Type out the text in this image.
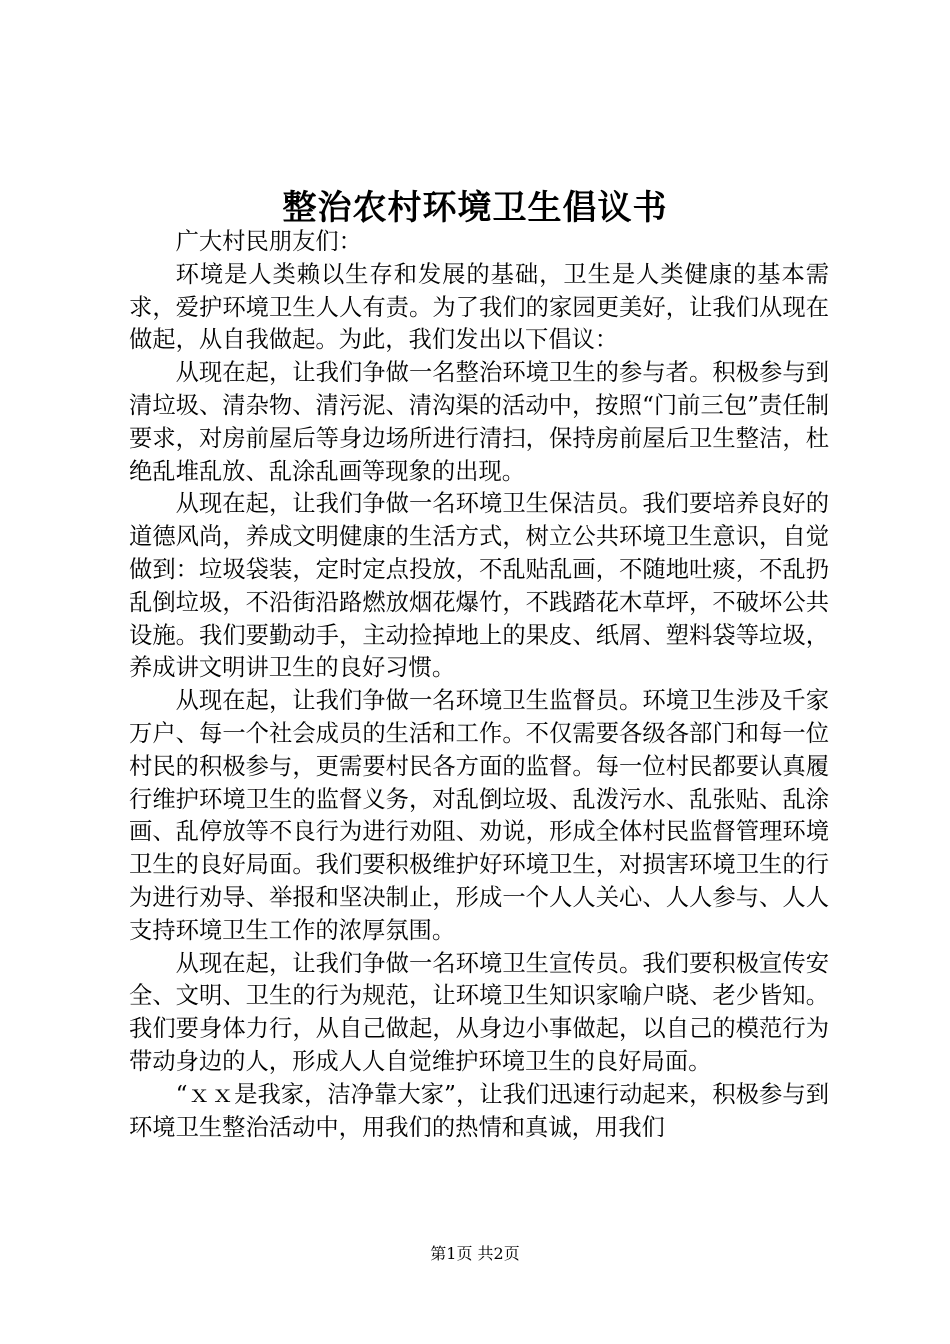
整治农村环境卫生倡议书

广大村民朋友们：

环境是人类赖以生存和发展的基础，卫生是人类健康的基本需求，爱护环境卫生人人有责。为了我们的家园更美好，让我们从现在做起，从自我做起。为此，我们发出以下倡议：

从现在起，让我们争做一名整治环境卫生的参与者。积极参与到清垃圾、清杂物、清污泥、清沟渠的活动中，按照“门前三包”责任制要求，对房前屋后等身边场所进行清扫，保持房前屋后卫生整洁，杜绝乱堆乱放、乱涂乱画等现象的出现。

从现在起，让我们争做一名环境卫生保洁员。我们要培养良好的道德风尚，养成文明健康的生活方式，树立公共环境卫生意识，自觉做到：垃圾袋装，定时定点投放，不乱贴乱画，不随地吐痰，不乱扔乱倒垃圾，不沿街沿路燃放烟花爆竹，不践踏花木草坪，不破坏公共设施。我们要勤动手，主动捡掉地上的果皮、纸屑、塑料袋等垃圾，养成讲文明讲卫生的良好习惯。

从现在起，让我们争做一名环境卫生监督员。环境卫生涉及千家万户、每一个社会成员的生活和工作。不仅需要各级各部门和每一位村民的积极参与，更需要村民各方面的监督。每一位村民都要认真履行维护环境卫生的监督义务，对乱倒垃圾、乱泼污水、乱张贴、乱涂画、乱停放等不良行为进行劝阻、劝说，形成全体村民监督管理环境卫生的良好局面。我们要积极维护好环境卫生，对损害环境卫生的行为进行劝导、举报和坚决制止，形成一个人人关心、人人参与、人人支持环境卫生工作的浓厚氛围。

从现在起，让我们争做一名环境卫生宣传员。我们要积极宣传安全、文明、卫生的行为规范，让环境卫生知识家喻户晓、老少皆知。我们要身体力行，从自己做起，从身边小事做起，以自己的模范行为带动身边的人，形成人人自觉维护环境卫生的良好局面。

“ｘｘ是我家，洁净靠大家”，让我们迅速行动起来，积极参与到环境卫生整治活动中，用我们的热情和真诚，用我们

第1页 共2页
